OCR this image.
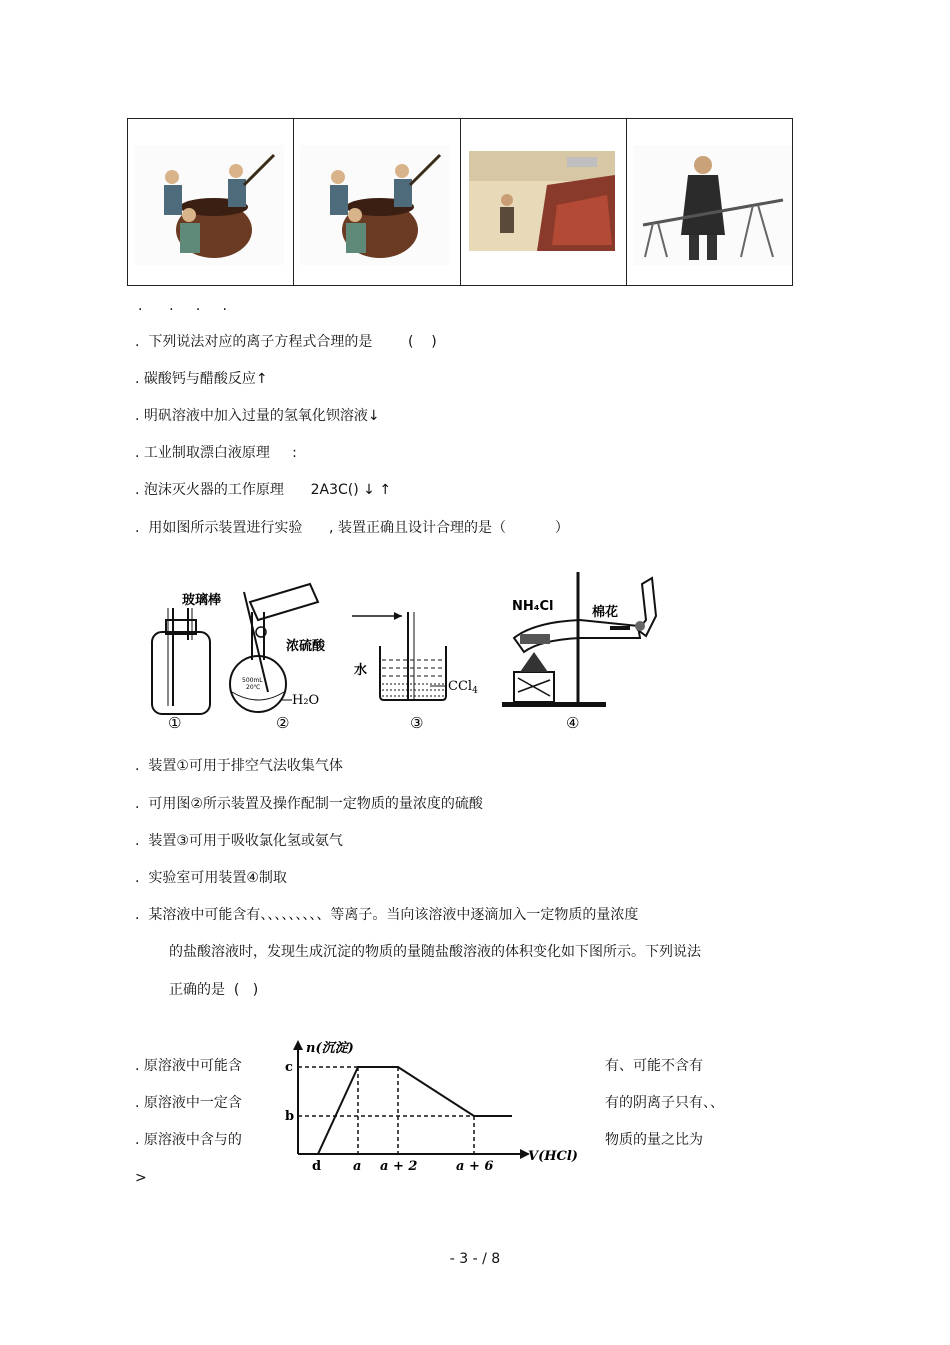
.      .     .     .
.  下列说法对应的离子方程式合理的是        (    )
. 碳酸钙与醋酸反应↑
. 明矾溶液中加入过量的氢氧化钡溶液↓
. 工业制取漂白液原理     :
. 泡沫灭火器的工作原理      2A3C() ↓ ↑
.  用如图所示装置进行实验      , 装置正确且设计合理的是（           ）
玻璃棒
浓硫酸
500mL
20℃
H₂O
水
CCl$_4$
NH₄Cl	棉花
①	②	③	④
.  装置①可用于排空气法收集气体
.  可用图②所示装置及操作配制一定物质的量浓度的硫酸
.  装置③可用于吸收氯化氢或氨气
.  实验室可用装置④制取
.  某溶液中可能含有、、、、、、、、、等离子。当向该溶液中逐滴加入一定物质的量浓度
的盐酸溶液时，发现生成沉淀的物质的量随盐酸溶液的体积变化如下图所示。下列说法
正确的是  (   )
. 原溶液中可能含
. 原溶液中一定含
. 原溶液中含与的
有、可能不含有
有的阴离子只有、、
物质的量之比为
>
n(沉淀)
V(HCl)
c
b
d a a + 2	a + 6
- 3 - / 8
